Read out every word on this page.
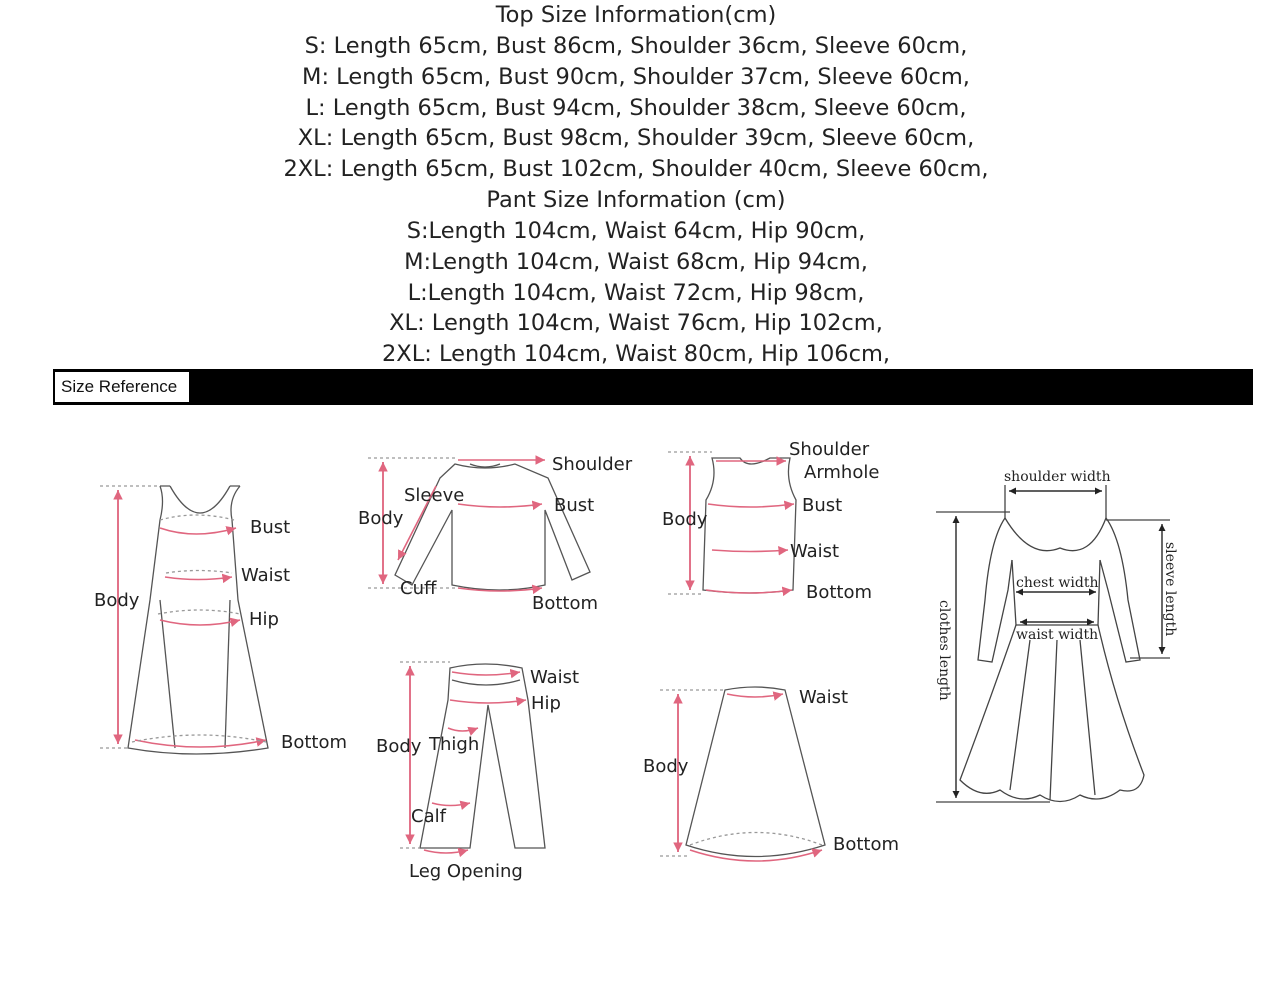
Top Size Information(cm)
S: Length 65cm, Bust 86cm, Shoulder 36cm, Sleeve 60cm,
M: Length 65cm, Bust 90cm, Shoulder 37cm, Sleeve 60cm,
L: Length 65cm, Bust 94cm, Shoulder 38cm, Sleeve 60cm,
XL: Length 65cm, Bust 98cm, Shoulder 39cm, Sleeve 60cm,
2XL: Length 65cm, Bust 102cm, Shoulder 40cm, Sleeve 60cm,
Pant Size Information (cm)
S:Length 104cm, Waist 64cm, Hip 90cm,
M:Length 104cm, Waist 68cm, Hip 94cm,
L:Length 104cm, Waist 72cm, Hip 98cm,
XL: Length 104cm, Waist 76cm, Hip 102cm,
2XL: Length 104cm, Waist 80cm, Hip 106cm,
Size Reference
Body
Bust
Waist
Hip
Bottom
Shoulder
Sleeve
Body
Bust
Cuff
Bottom
Shoulder
Armhole
Body
Bust
Waist
Bottom
Waist
Hip
Body Thigh
Calf
Leg Opening
Waist
Body
Bottom
shoulder width
chest width
waist width
clothes length
sleeve length
